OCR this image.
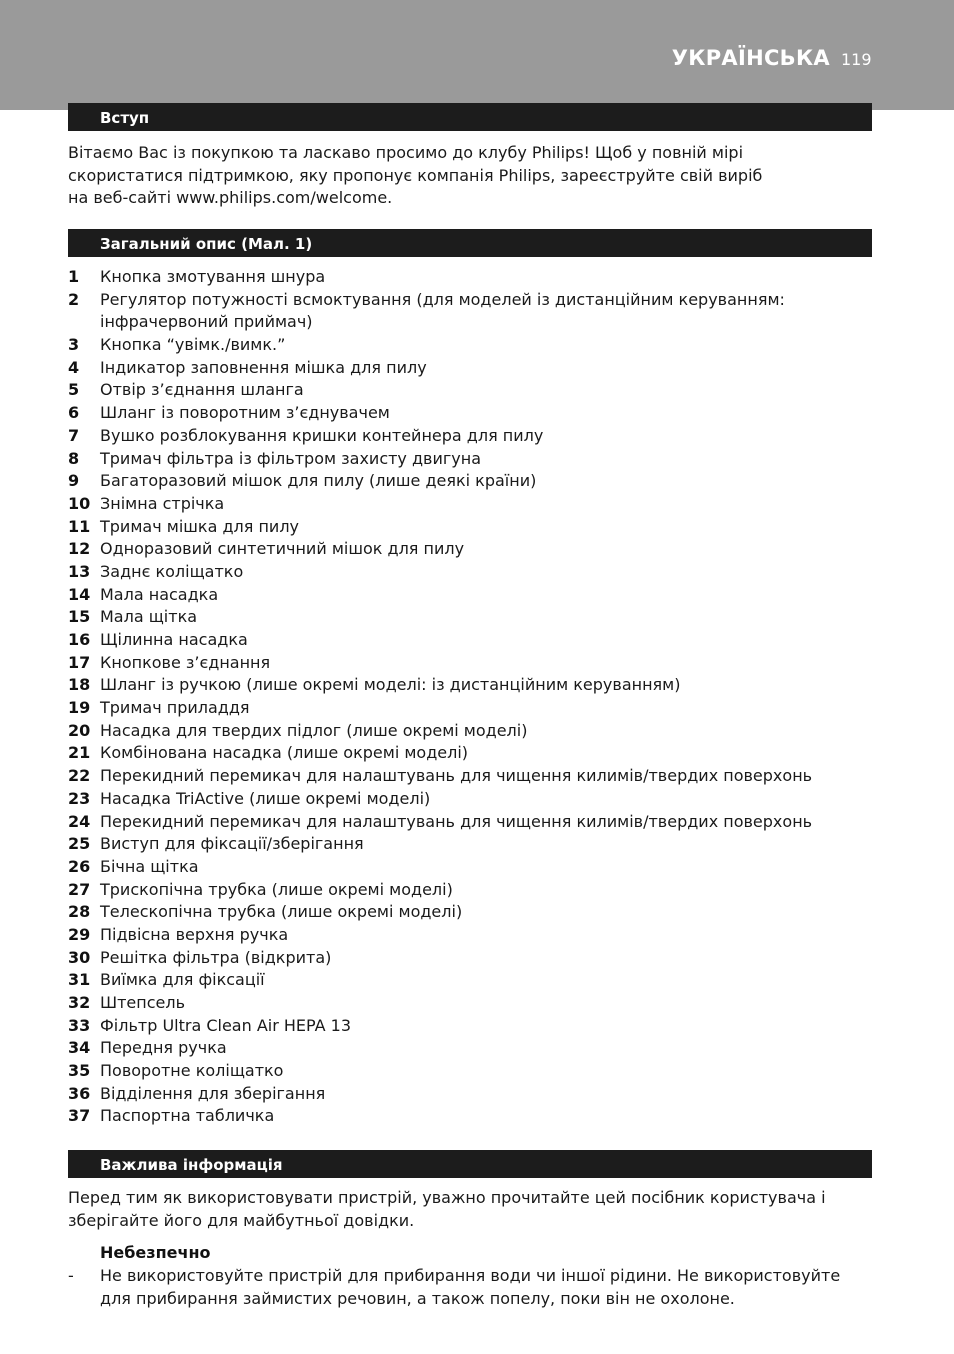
УКРАЇНСЬКА 119
Вступ
Вітаємо Вас із покупкою та ласкаво просимо до клубу Philips! Щоб у повній мірі
скористатися підтримкою, яку пропонує компанія Philips, зареєструйте свій виріб
на веб-сайті www.philips.com/welcome.
Загальний опис (Мал. 1)
1	Кнопка змотування шнура
2	Регулятор потужності всмоктування (для моделей із дистанційним керуванням:
інфрачервоний приймач)
3	Кнопка “увімк./вимк.”
4	Індикатор заповнення мішка для пилу
5	Отвір з’єднання шланга
6	Шланг із поворотним з’єднувачем
7	Вушко розблокування кришки контейнера для пилу
8	Тримач фільтра із фільтром захисту двигуна
9	Багаторазовий мішок для пилу (лише деякі країни)
10 Знімна стрічка
11 Тримач мішка для пилу
12 Одноразовий синтетичний мішок для пилу
13 Заднє коліщатко
14 Мала насадка
15 Мала щітка
16 Щілинна насадка
17 Кнопкове з’єднання
18 Шланг із ручкою (лише окремі моделі: із дистанційним керуванням)
19 Тримач приладдя
20 Насадка для твердих підлог (лише окремі моделі)
21 Комбінована насадка (лише окремі моделі)
22 Перекидний перемикач для налаштувань для чищення килимів/твердих поверхонь
23 Насадка TriActive (лише окремі моделі)
24 Перекидний перемикач для налаштувань для чищення килимів/твердих поверхонь
25 Виступ для фіксації/зберігання
26 Бічна щітка
27 Трископічна трубка (лише окремі моделі)
28 Телескопічна трубка (лише окремі моделі)
29 Підвісна верхня ручка
30 Решітка фільтра (відкрита)
31 Виїмка для фіксації
32 Штепсель
33 Фільтр Ultra Clean Air HEPA 13
34 Передня ручка
35 Поворотне коліщатко
36 Відділення для зберігання
37 Паспортна табличка
Важлива інформація
Перед тим як використовувати пристрій, уважно прочитайте цей посібник користувача і
зберігайте його для майбутньої довідки.
Небезпечно
- Не використовуйте пристрій для прибирання води чи іншої рідини. Не використовуйте
для прибирання займистих речовин, а також попелу, поки він не охолоне.
